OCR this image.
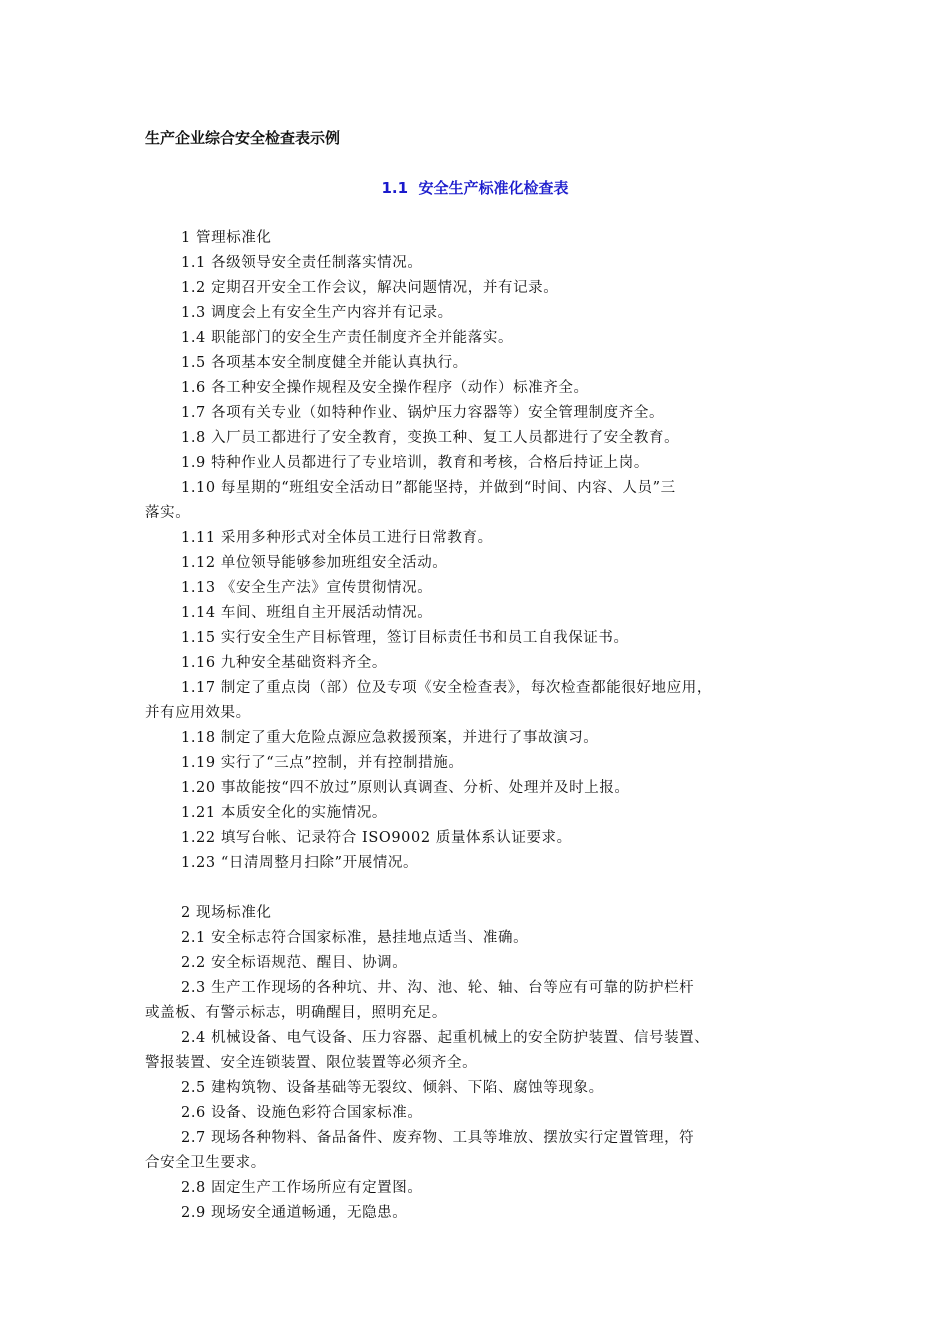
生产企业综合安全检查表示例
1.1 安全生产标准化检查表
1 管理标准化
1.1 各级领导安全责任制落实情况。
1.2 定期召开安全工作会议，解决问题情况，并有记录。
1.3 调度会上有安全生产内容并有记录。
1.4 职能部门的安全生产责任制度齐全并能落实。
1.5 各项基本安全制度健全并能认真执行。
1.6 各工种安全操作规程及安全操作程序（动作）标准齐全。
1.7 各项有关专业（如特种作业、锅炉压力容器等）安全管理制度齐全。
1.8 入厂员工都进行了安全教育，变换工种、复工人员都进行了安全教育。
1.9 特种作业人员都进行了专业培训，教育和考核，合格后持证上岗。
1.10 每星期的“班组安全活动日”都能坚持，并做到“时间、内容、人员”三
落实。
1.11 采用多种形式对全体员工进行日常教育。
1.12 单位领导能够参加班组安全活动。
1.13 《安全生产法》宣传贯彻情况。
1.14 车间、班组自主开展活动情况。
1.15 实行安全生产目标管理，签订目标责任书和员工自我保证书。
1.16 九种安全基础资料齐全。
1.17 制定了重点岗（部）位及专项《安全检查表》，每次检查都能很好地应用，
并有应用效果。
1.18 制定了重大危险点源应急救援预案，并进行了事故演习。
1.19 实行了“三点”控制，并有控制措施。
1.20 事故能按“四不放过”原则认真调查、分析、处理并及时上报。
1.21 本质安全化的实施情况。
1.22 填写台帐、记录符合 ISO9002 质量体系认证要求。
1.23 “日清周整月扫除”开展情况。
2 现场标准化
2.1 安全标志符合国家标准，悬挂地点适当、准确。
2.2 安全标语规范、醒目、协调。
2.3 生产工作现场的各种坑、井、沟、池、轮、轴、台等应有可靠的防护栏杆
或盖板、有警示标志，明确醒目，照明充足。
2.4 机械设备、电气设备、压力容器、起重机械上的安全防护装置、信号装置、
警报装置、安全连锁装置、限位装置等必须齐全。
2.5 建构筑物、设备基础等无裂纹、倾斜、下陷、腐蚀等现象。
2.6 设备、设施色彩符合国家标准。
2.7 现场各种物料、备品备件、废弃物、工具等堆放、摆放实行定置管理，符
合安全卫生要求。
2.8 固定生产工作场所应有定置图。
2.9 现场安全通道畅通，无隐患。
